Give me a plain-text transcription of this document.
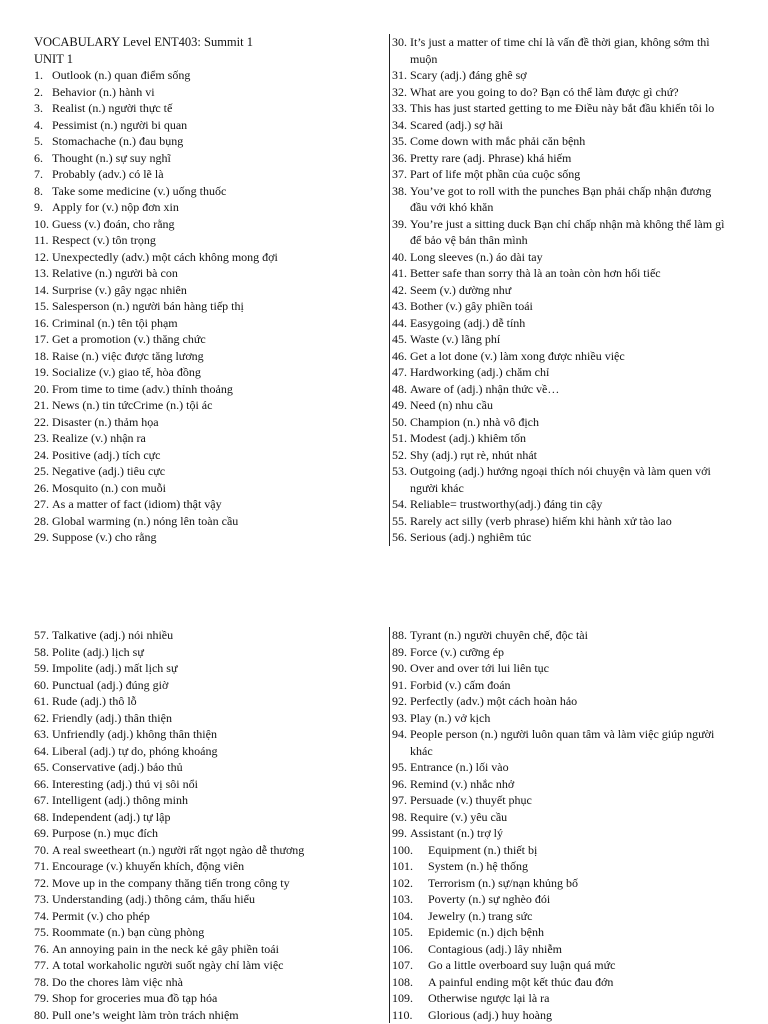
VOCABULARY Level ENT403: Summit 1
UNIT 1
1. Outlook (n.) quan điểm sống
2. Behavior (n.) hành vi
3. Realist (n.) người thực tế
4. Pessimist (n.) người bi quan
5. Stomachache (n.) đau bụng
6. Thought (n.) sự suy nghĩ
7. Probably (adv.) có lẽ là
8. Take some medicine (v.) uống thuốc
9. Apply for (v.) nộp đơn xin
10. Guess (v.) đoán, cho rằng
11. Respect (v.) tôn trọng
12. Unexpectedly (adv.) một cách không mong đợi
13. Relative (n.) người bà con
14. Surprise (v.) gây ngạc nhiên
15. Salesperson (n.) người bán hàng tiếp thị
16. Criminal (n.) tên tội phạm
17. Get a promotion (v.) thăng chức
18. Raise (n.) việc được tăng lương
19. Socialize (v.) giao tế, hòa đồng
20. From time to time (adv.) thỉnh thoảng
21. News (n.) tin tứcCrime (n.) tội ác
22. Disaster (n.) thảm họa
23. Realize (v.) nhận ra
24. Positive (adj.) tích cực
25. Negative (adj.) tiêu cực
26. Mosquito (n.) con muỗi
27. As a matter of fact (idiom) thật vậy
28. Global warming (n.) nóng lên toàn cầu
29. Suppose (v.) cho rằng
30. It’s just a matter of time chỉ là vấn đề thời gian, không sớm thì
muộn
31. Scary (adj.) đáng ghê sợ
32. What are you going to do? Bạn có thể làm được gì chứ?
33. This has just started getting to me Điều này bắt đầu khiến tôi lo
34. Scared (adj.) sợ hãi
35. Come down with mắc phải căn bệnh
36. Pretty rare (adj. Phrase) khá hiếm
37. Part of life một phần của cuộc sống
38. You’ve got to roll with the punches Bạn phải chấp nhận đương
đầu với khó khăn
39. You’re just a sitting duck Bạn chỉ chấp nhận mà không thể làm gì
để bảo vệ bản thân mình
40. Long sleeves (n.) áo dài tay
41. Better safe than sorry thà là an toàn còn hơn hối tiếc
42. Seem (v.) dường như
43. Bother (v.) gây phiền toái
44. Easygoing (adj.) dễ tính
45. Waste (v.) lãng phí
46. Get a lot done (v.) làm xong được nhiều việc
47. Hardworking (adj.) chăm chỉ
48. Aware of (adj.) nhận thức về…
49. Need (n) nhu cầu
50. Champion (n.) nhà vô địch
51. Modest (adj.) khiêm tốn
52. Shy (adj.) rụt rè, nhút nhát
53. Outgoing (adj.) hướng ngoại thích nói chuyện và làm quen với
người khác
54. Reliable= trustworthy(adj.) đáng tin cậy
55. Rarely act silly (verb phrase) hiếm khi hành xử tào lao
56. Serious (adj.) nghiêm túc
57. Talkative (adj.) nói nhiều
58. Polite (adj.) lịch sự
59. Impolite (adj.) mất lịch sự
60. Punctual (adj.) đúng giờ
61. Rude (adj.) thô lỗ
62. Friendly (adj.) thân thiện
63. Unfriendly (adj.) không thân thiện
64. Liberal (adj.) tự do, phóng khoáng
65. Conservative (adj.) bảo thủ
66. Interesting (adj.) thú vị sôi nổi
67. Intelligent (adj.) thông minh
68. Independent (adj.) tự lập
69. Purpose (n.) mục đích
70. A real sweetheart (n.) người rất ngọt ngào dễ thương
71. Encourage (v.) khuyến khích, động viên
72. Move up in the company thăng tiến trong công ty
73. Understanding (adj.) thông cảm, thấu hiểu
74. Permit (v.) cho phép
75. Roommate (n.) bạn cùng phòng
76. An annoying pain in the neck kẻ gây phiền toái
77. A total workaholic người suốt ngày chỉ làm việc
78. Do the chores làm việc nhà
79. Shop for groceries mua đồ tạp hóa
80. Pull one’s weight làm tròn trách nhiệm
88. Tyrant (n.) người chuyên chế, độc tài
89. Force (v.) cưỡng ép
90. Over and over tới lui liên tục
91. Forbid (v.) cấm đoán
92. Perfectly (adv.) một cách hoàn hảo
93. Play (n.) vở kịch
94. People person (n.) người luôn quan tâm và làm việc giúp người
khác
95. Entrance (n.) lối vào
96. Remind (v.) nhắc nhở
97. Persuade (v.) thuyết phục
98. Require (v.) yêu cầu
99. Assistant (n.) trợ lý
100. Equipment (n.) thiết bị
101. System (n.) hệ thống
102. Terrorism (n.) sự/nạn khủng bố
103. Poverty (n.) sự nghèo đói
104. Jewelry (n.) trang sức
105. Epidemic (n.) dịch bệnh
106. Contagious (adj.) lây nhiễm
107. Go a little overboard suy luận quá mức
108. A painful ending một kết thúc đau đớn
109. Otherwise ngược lại là ra
110. Glorious (adj.) huy hoàng
